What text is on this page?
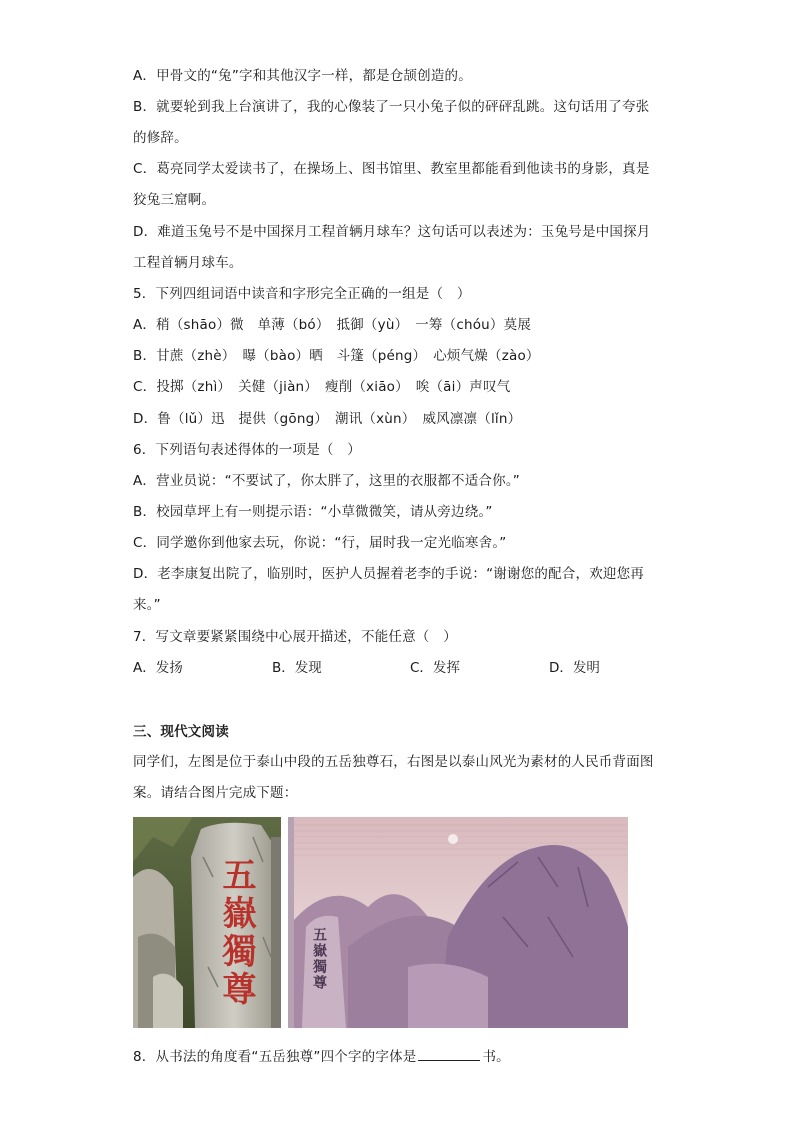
A．甲骨文的“兔”字和其他汉字一样，都是仓颉创造的。
B．就要轮到我上台演讲了，我的心像装了一只小兔子似的砰砰乱跳。这句话用了夸张
的修辞。
C．葛亮同学太爱读书了，在操场上、图书馆里、教室里都能看到他读书的身影，真是
狡兔三窟啊。
D．难道玉兔号不是中国探月工程首辆月球车？这句话可以表述为：玉兔号是中国探月
工程首辆月球车。
5．下列四组词语中读音和字形完全正确的一组是（　）
A．稍（shāo）微　单薄（bó）　抵御（yù）　一筹（chóu）莫展
B．甘蔗（zhè）　曝（bào）晒　斗篷（péng）　心烦气燥（zào）
C．投掷（zhì）　关健（jiàn）　瘦削（xiāo）　唉（āi）声叹气
D．鲁（lǔ）迅　提供（gōng）　潮讯（xùn）　威风凛凛（lǐn）
6．下列语句表述得体的一项是（　）
A．营业员说：“不要试了，你太胖了，这里的衣服都不适合你。”
B．校园草坪上有一则提示语：“小草微微笑，请从旁边绕。”
C．同学邀你到他家去玩，你说：“行，届时我一定光临寒舍。”
D．老李康复出院了，临别时，医护人员握着老李的手说：“谢谢您的配合，欢迎您再
来。”
7．写文章要紧紧围绕中心展开描述，不能任意（　）
A．发扬	B．发现	C．发挥	D．发明
三、现代文阅读
同学们，左图是位于泰山中段的五岳独尊石，右图是以泰山风光为素材的人民币背面图
案。请结合图片完成下题：
五嶽獨尊	五嶽獨尊
8．从书法的角度看“五岳独尊”四个字的字体是	书。
